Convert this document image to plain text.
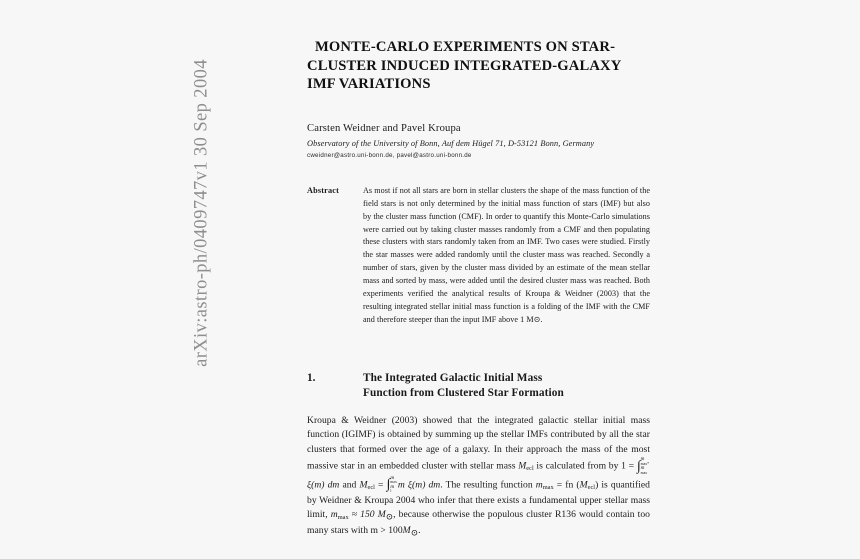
arXiv:astro-ph/0409747v1 30 Sep 2004
MONTE-CARLO EXPERIMENTS ON STAR-
CLUSTER INDUCED INTEGRATED-GALAXY
IMF VARIATIONS
Carsten Weidner and Pavel Kroupa
Observatory of the University of Bonn, Auf dem Hügel 71, D-53121 Bonn, Germany
cweidner@astro.uni-bonn.de, pavel@astro.uni-bonn.de
Abstract	As most if not all stars are born in stellar clusters the shape of the mass function of the field stars is not only determined by the initial mass function of stars (IMF) but also by the cluster mass function (CMF). In order to quantify this Monte-Carlo simulations were carried out by taking cluster masses randomly from a CMF and then populating these clusters with stars randomly taken from an IMF. Two cases were studied. Firstly the star masses were added randomly until the cluster mass was reached. Secondly a number of stars, given by the cluster mass divided by an estimate of the mean stellar mass and sorted by mass, were added until the desired cluster mass was reached. Both experiments verified the analytical results of Kroupa & Weidner (2003) that the resulting integrated stellar initial mass function is a folding of the IMF with the CMF and therefore steeper than the input IMF above 1 M⊙.
1.	The Integrated Galactic Initial Mass
Function from Clustered Star Formation
Kroupa & Weidner (2003) showed that the integrated galactic stellar initial mass function (IGIMF) is obtained by summing up the stellar IMFs contributed by all the star clusters that formed over the age of a galaxy. In their approach the mass of the most massive star in an embedded cluster with stellar mass Mecl is calculated from by 1 = ∫ m
max*
m
max
ξ(m) dm and Mecl = ∫ m
max
m
l
m ξ(m) dm. The resulting function mmax = fn (Mecl) is quantified by Weidner & Kroupa 2004 who infer that there exists a fundamental upper stellar mass limit, mmax ≈ 150 M⊙, because otherwise the populous cluster R136 would contain too many stars with m > 100M⊙.
